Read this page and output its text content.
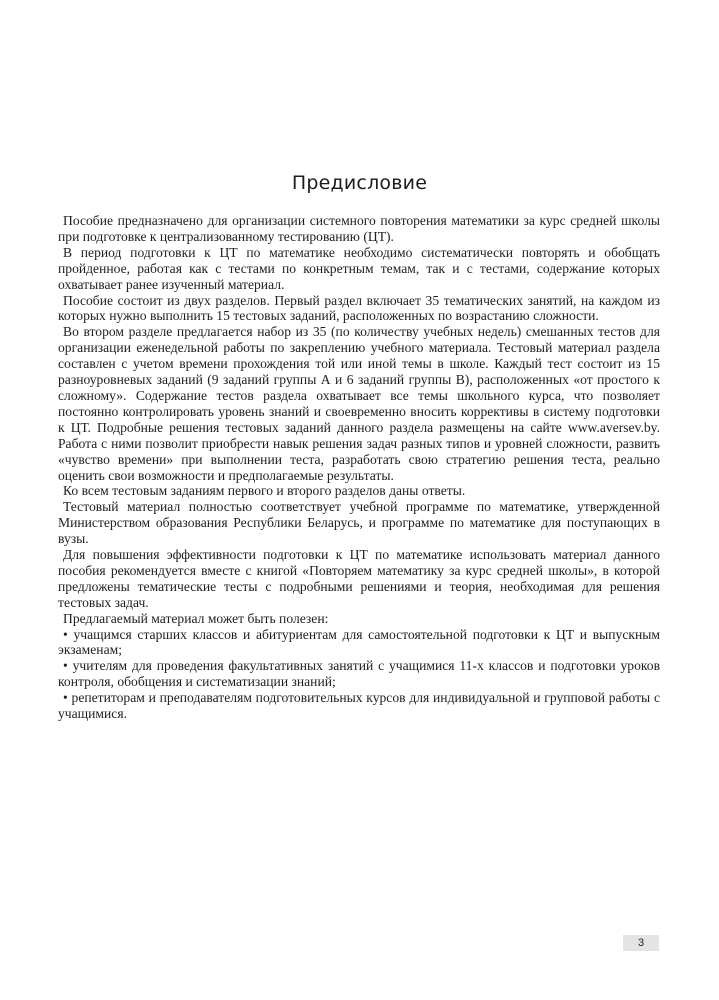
Предисловие

Пособие предназначено для организации системного повторения математики за курс средней школы при подготовке к централизованному тестированию (ЦТ).

В период подготовки к ЦТ по математике необходимо систематически повторять и обобщать пройденное, работая как с тестами по конкретным темам, так и с тестами, содержание которых охватывает ранее изученный материал.

Пособие состоит из двух разделов. Первый раздел включает 35 тематических занятий, на каждом из которых нужно выполнить 15 тестовых заданий, расположенных по возрастанию сложности.

Во втором разделе предлагается набор из 35 (по количеству учебных недель) смешанных тестов для организации еженедельной работы по закреплению учебного материала. Тестовый материал раздела составлен с учетом времени прохождения той или иной темы в школе. Каждый тест состоит из 15 разноуровневых заданий (9 заданий группы А и 6 заданий группы В), расположенных «от простого к сложному». Содержание тестов раздела охватывает все темы школьного курса, что позволяет постоянно контролировать уровень знаний и своевременно вносить коррективы в систему подготовки к ЦТ. Подробные решения тестовых заданий данного раздела размещены на сайте www.aversev.by. Работа с ними позволит приобрести навык решения задач разных типов и уровней сложности, развить «чувство времени» при выполнении теста, разработать свою стратегию решения теста, реально оценить свои возможности и предполагаемые результаты.

Ко всем тестовым заданиям первого и второго разделов даны ответы.

Тестовый материал полностью соответствует учебной программе по математике, утвержденной Министерством образования Республики Беларусь, и программе по математике для поступающих в вузы.

Для повышения эффективности подготовки к ЦТ по математике использовать материал данного пособия рекомендуется вместе с книгой «Повторяем математику за курс средней школы», в которой предложены тематические тесты с подробными решениями и теория, необходимая для решения тестовых задач.

Предлагаемый материал может быть полезен:

• учащимся старших классов и абитуриентам для самостоятельной подготовки к ЦТ и выпускным экзаменам;

• учителям для проведения факультативных занятий с учащимися 11-х классов и подготовки уроков контроля, обобщения и систематизации знаний;

• репетиторам и преподавателям подготовительных курсов для индивидуальной и групповой работы с учащимися.

3
